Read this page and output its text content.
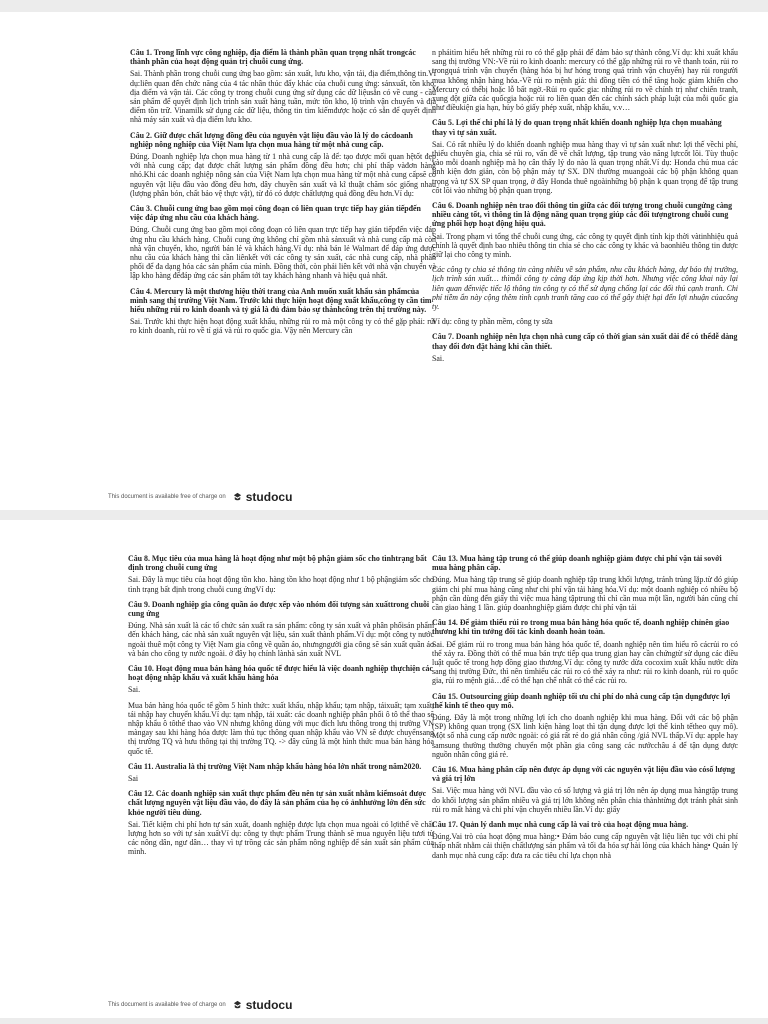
Câu 1. Trong lĩnh vực công nghiệp, địa điểm là thành phần quan trọng nhất trongcác thành phần của hoạt động quản trị chuỗi cung ứng.
Sai. Thành phần trong chuỗi cung ứng bao gồm: sản xuất, lưu kho, vận tải, địa điểm,thông tin.Ví dụ:liên quan đến chức năng của 4 tác nhân thúc đẩy khác của chuỗi cung ứng: sảnxuất, tồn kho, địa điểm và vận tải. Các công ty trong chuỗi cung ứng sử dụng các dữ liệusẵn có về cung - cầu sản phẩm để quyết định lịch trình sản xuất hàng tuần, mức tồn kho, lộ trình vận chuyển và địa điểm tồn trữ. Vinamilk sử dụng các dữ liệu, thông tin tìm kiếmđược hoặc có sẵn để quyết định nhà máy sản xuất và địa điểm lưu kho.
Câu 2. Giữ được chất lượng đồng đều của nguyên vật liệu đầu vào là lý do cácdoanh nghiệp nông nghiệp của Việt Nam lựa chọn mua hàng từ một nhà cung cấp.
Đúng. Doanh nghiệp lựa chọn mua hàng từ 1 nhà cung cấp là để: tạo được mối quan hệtốt đẹp với nhà cung cấp; đạt được chất lượng sản phẩm đồng đều hơn; chi phí thấp vàđơn hàng nhỏ.Khi các doanh nghiệp nông sản của Việt Nam lựa chọn mua hàng từ một nhà cung cấpsẽ có nguyên vật liệu đầu vào đồng đều hơn, dây chuyền sản xuất và kĩ thuật chăm sóc giống nhau (lượng phân bón, chất bảo vệ thực vật), từ đó có được chấtlượng quả đồng đều hơn.Ví dụ:
Câu 3. Chuỗi cung ứng bao gồm mọi công đoạn có liên quan trực tiếp hay gián tiếpđến việc đáp ứng nhu cầu của khách hàng.
Đúng. Chuỗi cung ứng bao gồm mọi công đoạn có liên quan trực tiếp hay gián tiếpđến việc đáp ứng nhu cầu khách hàng. Chuỗi cung ứng không chỉ gồm nhà sảnxuất và nhà cung cấp mà còn nhà vận chuyển, kho, người bán lẻ và khách hàng.Ví dụ: nhà bán lẻ Walmart để đáp ứng được nhu cầu của khách hàng thì cần liênkết với các công ty sản xuất, các nhà cung cấp, nhà phân phối để đa dạng hóa các sản phẩm của mình. Đồng thời, còn phải liên kết với nhà vận chuyển và lập kho hàng đểđáp ứng các sản phẩm tới tay khách hàng nhanh và hiệu quả nhất.
Câu 4. Mercury là một thương hiệu thời trang của Anh muốn xuất khẩu sản phẩmcủa mình sang thị trường Việt Nam. Trước khi thực hiện hoạt động xuất khẩu,công ty cần tìm hiểu những rủi ro kinh doanh và tỷ giá là đủ đảm bảo sự thànhcông trên thị trường này.
Sai. Trước khi thực hiện hoạt động xuất khẩu, những rủi ro mà một công ty có thể gặp phải: rủi ro kinh doanh, rủi ro về tỉ giá và rủi ro quốc gia. Vậy nên Mercury cần
n phảitìm hiểu hết những rủi ro có thể gặp phải để đảm bảo sự thành công.Ví dụ: khi xuất khẩu sang thị trường VN:-Về rủi ro kinh doanh: mercury có thể gặp những rủi ro về thanh toán, rủi ro trongquá trình vận chuyển (hàng hóa bị hư hỏng trong quá trình vận chuyển) hay rủi rongười mua không nhận hàng hóa.-Về rủi ro mệnh giá: thì đồng tiền có thể tăng hoặc giảm khiến cho Mercury có thểbị hoặc lỗ bất ngờ.-Rủi ro quốc gia: những rủi ro về chính trị như chiến tranh, xung đột giữa các quốcgia hoặc rủi ro liên quan đến các chính sách pháp luật của mỗi quốc gia như điềukiện gia hạn, hủy bỏ giấy phép xuất, nhập khẩu, v.v…
Câu 5. Lợi thế chi phí là lý do quan trọng nhất khiến doanh nghiệp lựa chọn muahàng thay vì tự sản xuất.
Sai. Có rất nhiều lý do khiến doanh nghiệp mua hàng thay vì tự sản xuất như: lợi thế vềchi phí, thiếu chuyên gia, chia sẻ rủi ro, vấn đề về chất lượng, tập trung vào năng lựccốt lõi. Tùy thuộc vào mỗi doanh nghiệp mà họ cân thấy lý do nào là quan trọng nhất.Ví dụ: Honda chủ mua các linh kiện đơn giản, còn bộ phận máy tự SX. DN thường muangoài các bộ phận không quan trọng và tự SX SP quan trọng, ở đây Honda thuê ngoàinhững bộ phận k quan trọng để tập trung cốt lõi vào những bộ phận quan trọng.
Câu 6. Doanh nghiệp nên trao đổi thông tin giữa các đối tượng trong chuỗi cungứng càng nhiều càng tốt, vì thông tin là động năng quan trọng giúp các đối tượngtrong chuỗi cung ứng phối hợp hoạt động hiệu quả.
Sai. Trong phạm vi tổng thể chuỗi cung ứng, các công ty quyết định tính kịp thời vàtinhhiệu quả chính là quyết định bao nhiêu thông tin chia sẻ cho các công ty khác và baonhiêu thông tin được giữ lại cho công ty mình.
Các công ty chia sẻ thông tin càng nhiều về sản phẩm, nhu cầu khách hàng, dự báo thị trường, lịch trình sản xuất… thìmỗi công ty càng đáp ứng kịp thời hơn. Nhưng việc công khai này lại liên quan đếnviệc tiếc lộ thông tin công ty có thể sử dụng chống lại các đối thủ cạnh tranh. Chi phí tiềm ẩn này cộng thêm tình cạnh tranh tăng cao có thể gây thiệt hại đến lợi nhuận củacông ty.
Ví dụ: công ty phần mềm, công ty sữa
Câu 7. Doanh nghiệp nên lựa chọn nhà cung cấp có thời gian sản xuất dài để có thểdễ dàng thay đổi đơn đặt hàng khi cần thiết.
Sai.
This document is available free of charge on studocu
Câu 8. Mục tiêu của mua hàng là hoạt động như một bộ phận giảm sốc cho tìnhtrạng bất định trong chuỗi cung ứng
Sai. Đây là mục tiêu của hoạt động tồn kho. hàng tồn kho hoạt động như 1 bộ phậngiảm sốc cho tình trạng bất định trong chuỗi cung ứngVí dụ:
Câu 9. Doanh nghiệp gia công quần áo được xếp vào nhóm đối tượng sản xuấttrong chuỗi cung ứng
Đúng. Nhà sản xuất là các tổ chức sản xuất ra sản phẩm: công ty sản xuất và phân phốisản phẩm đến khách hàng, các nhà sản xuất nguyên vật liệu, sản xuất thành phẩm.Ví dụ: một công ty nước ngoài thuê một công ty Việt Nam gia công về quần áo, nhưngngười gia công sẽ sản xuất quần áo và bán cho công ty nước ngoài. ở đây họ chính lànhà sản xuất NVL
Câu 10. Hoạt động mua bán hàng hóa quốc tế được hiểu là việc doanh nghiệp thựchiện các hoạt động nhập khẩu và xuất khẩu hàng hóa
Sai.
Mua bán hàng hóa quốc tế gồm 5 hình thức: xuất khẩu, nhập khẩu; tạm nhập, táixuất; tạm xuất, tái nhập hay chuyển khẩu.Ví dụ: tạm nhập, tái xuất: các doanh nghiệp phân phối ô tô thể thao sẽ nhập khẩu ô tôthể thao vào VN nhưng không dùng với mục đích lưu thông trong thị trường VN màngay sau khi hàng hóa được làm thủ tục thông quan nhập khẩu vào VN sẽ được chuyểnsang thị trường TQ và hưu thông tại thị trường TQ. -> đây cũng là một hình thức mua bán hàng hóa quốc tế.
Câu 11. Australia là thị trường Việt Nam nhập khẩu hàng hóa lớn nhất trong năm2020.
Sai
Câu 12. Các doanh nghiệp sản xuất thực phẩm đều nên tự sản xuất nhằm kiểmsoát được chất lượng nguyên vật liệu đầu vào, do đây là sản phẩm của họ có ảnhhưởng lớn đến sức khỏe người tiêu dùng.
Sai. Tiết kiệm chi phí hơn tự sản xuất, doanh nghiệp được lựa chọn mua ngoài có lợithế về chất lượng hơn so với tự sản xuấtVí dụ: công ty thực phẩm Trung thành sẽ mua nguyên liệu tươi từ các nông dân, ngư dân… thay vì tự trồng các sản phẩm nông nghiệp để sản xuất sản phẩm của mình.
Câu 13. Mua hàng tập trung có thể giúp doanh nghiệp giảm được chi phí vận tải sovới mua hàng phân cấp.
Đúng. Mua hàng tập trung sẽ giúp doanh nghiệp tập trung khối lượng, tránh trùng lặp.từ đó giúp giảm chi phí mua hàng cũng như chi phí vận tải hàng hóa.Ví dụ: một doanh nghiệp có nhiều bộ phận cần dùng đến giấy thì việc mua hàng tậptrung thì chỉ cần mua một lần, người bán cũng chỉ cần giao hàng 1 lần. giúp doanhnghiệp giảm được chi phí vận tải
Câu 14. Để giảm thiểu rủi ro trong mua bán hàng hóa quốc tế, doanh nghiệp chỉnên giao thương khi tìn tưởng đối tác kinh doanh hoàn toàn.
Sai. Để giảm rủi ro trong mua bán hàng hóa quốc tế, doanh nghiệp nên tìm hiểu rõ cácrủi ro có thể xảy ra. Đồng thời có thể mua bán trực tiếp qua trung gian hay cần chứngtừ sử dụng các điều luật quốc tế trong hợp đồng giao thương.Ví dụ: công ty nước dừa cocoxim xuất khẩu nước dừa sang thị trường Đức, thì nên tìmhiểu các rủi ro có thể xảy ra như: rủi ro kinh doanh, rủi ro quốc gia, rủi ro mệnh giá…để có thể hạn chế nhất có thể các rủi ro.
Câu 15. Outsourcing giúp doanh nghiệp tối ưu chi phí do nhà cung cấp tận dụngđược lợi thế kinh tế theo quy mô.
Đúng. Đây là một trong những lợi ích cho doanh nghiệp khi mua hàng. Đối với các bộ phận (SP) không quan trọng (SX linh kiện hàng loạt thì tận dụng được lợi thế kinh tếtheo quy mô). Một số nhà cung cấp nước ngoài: có giá rất rẻ do giá nhân công /giá NVL thấp.Ví dụ: apple hay samsung thường thường chuyển một phần gia công sang các nướcchâu á để tận dụng được nguồn nhân công giá rẻ.
Câu 16. Mua hàng phân cấp nên được áp dụng với các nguyên vật liệu đầu vào cósố lượng và giá trị lớn
Sai. Việc mua hàng với NVL đầu vào có số lượng và giá trị lớn nên áp dụng mua hàngtập trung do khối lượng sản phẩm nhiều và giá trị lớn không nên phân chia thànhtừng đợt tránh phát sinh rủi ro mất hàng và chi phí vận chuyển nhiều lần.Ví dụ: giấy
Câu 17. Quản lý danh mục nhà cung cấp là vai trò của hoạt động mua hàng.
Đúng.Vai trò của hoạt động mua hàng:• Đảm bảo cung cấp nguyên vật liệu liên tục với chi phí thấp nhất nhằm cải thiện chấtlượng sản phẩm và tối đa hóa sự hài lòng của khách hàng• Quản lý danh mục nhà cung cấp: đưa ra các tiêu chí lựa chọn nhà
This document is available free of charge on studocu
